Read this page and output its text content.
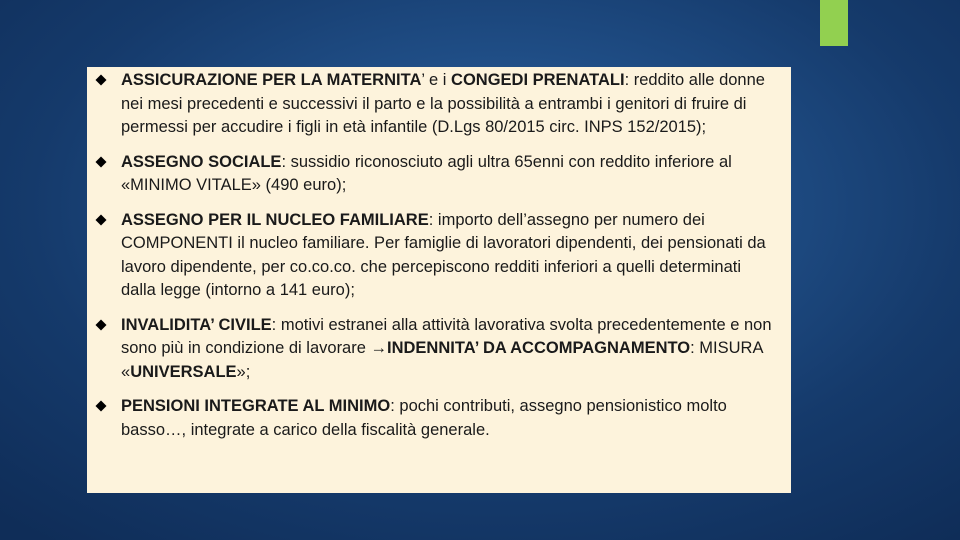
ASSICURAZIONE PER LA MATERNITA’ e i CONGEDI PRENATALI: reddito alle donne nei mesi precedenti e successivi il parto e la possibilità a entrambi i genitori di fruire di permessi per accudire i figli in età infantile (D.Lgs 80/2015 circ. INPS 152/2015);
ASSEGNO SOCIALE: sussidio riconosciuto agli ultra 65enni con reddito inferiore al «MINIMO VITALE» (490 euro);
ASSEGNO PER IL NUCLEO FAMILIARE: importo dell’assegno per numero dei COMPONENTI il nucleo familiare. Per famiglie di lavoratori dipendenti, dei pensionati da lavoro dipendente, per co.co.co. che percepiscono redditi inferiori a quelli determinati dalla legge (intorno a 141 euro);
INVALIDITA’ CIVILE: motivi estranei alla attività lavorativa svolta precedentemente e non sono più in condizione di lavorare →INDENNITA’ DA ACCOMPAGNAMENTO: MISURA «UNIVERSALE»;
PENSIONI INTEGRATE AL MINIMO: pochi contributi, assegno pensionistico molto basso…, integrate a carico della fiscalità generale.
